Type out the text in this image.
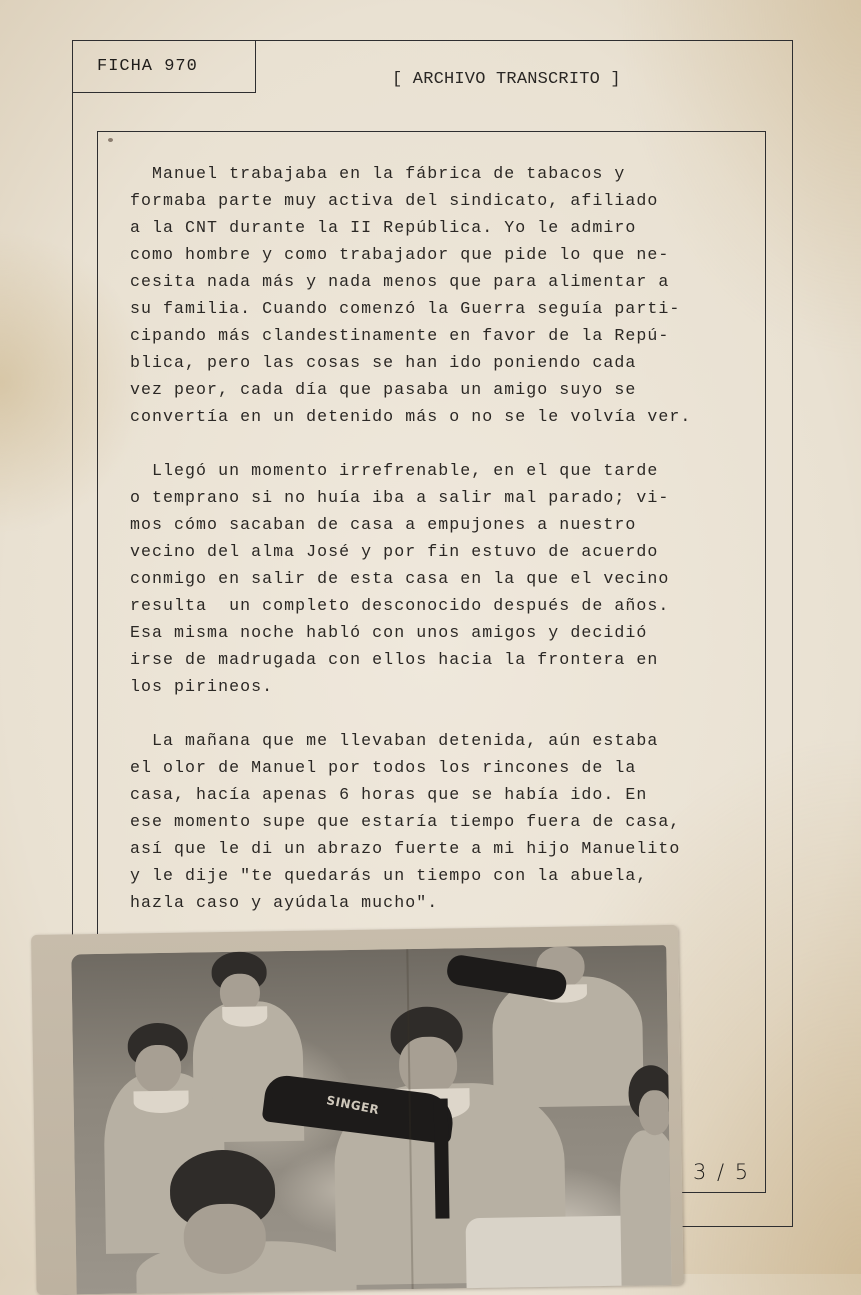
FICHA 970
[ ARCHIVO TRANSCRITO ]
Manuel trabajaba en la fábrica de tabacos y
formaba parte muy activa del sindicato, afiliado
a la CNT durante la II República. Yo le admiro
como hombre y como trabajador que pide lo que ne-
cesita nada más y nada menos que para alimentar a
su familia. Cuando comenzó la Guerra seguía parti-
cipando más clandestinamente en favor de la Repú-
blica, pero las cosas se han ido poniendo cada
vez peor, cada día que pasaba un amigo suyo se
convertía en un detenido más o no se le volvía ver.
Llegó un momento irrefrenable, en el que tarde
o temprano si no huía iba a salir mal parado; vi-
mos cómo sacaban de casa a empujones a nuestro
vecino del alma José y por fin estuvo de acuerdo
conmigo en salir de esta casa en la que el vecino
resulta  un completo desconocido después de años.
Esa misma noche habló con unos amigos y decidió
irse de madrugada con ellos hacia la frontera en
los pirineos.
La mañana que me llevaban detenida, aún estaba
el olor de Manuel por todos los rincones de la
casa, hacía apenas 6 horas que se había ido. En
ese momento supe que estaría tiempo fuera de casa,
así que le di un abrazo fuerte a mi hijo Manuelito
y le dije "te quedarás un tiempo con la abuela,
hazla caso y ayúdala mucho".
3 / 5
SINGER
